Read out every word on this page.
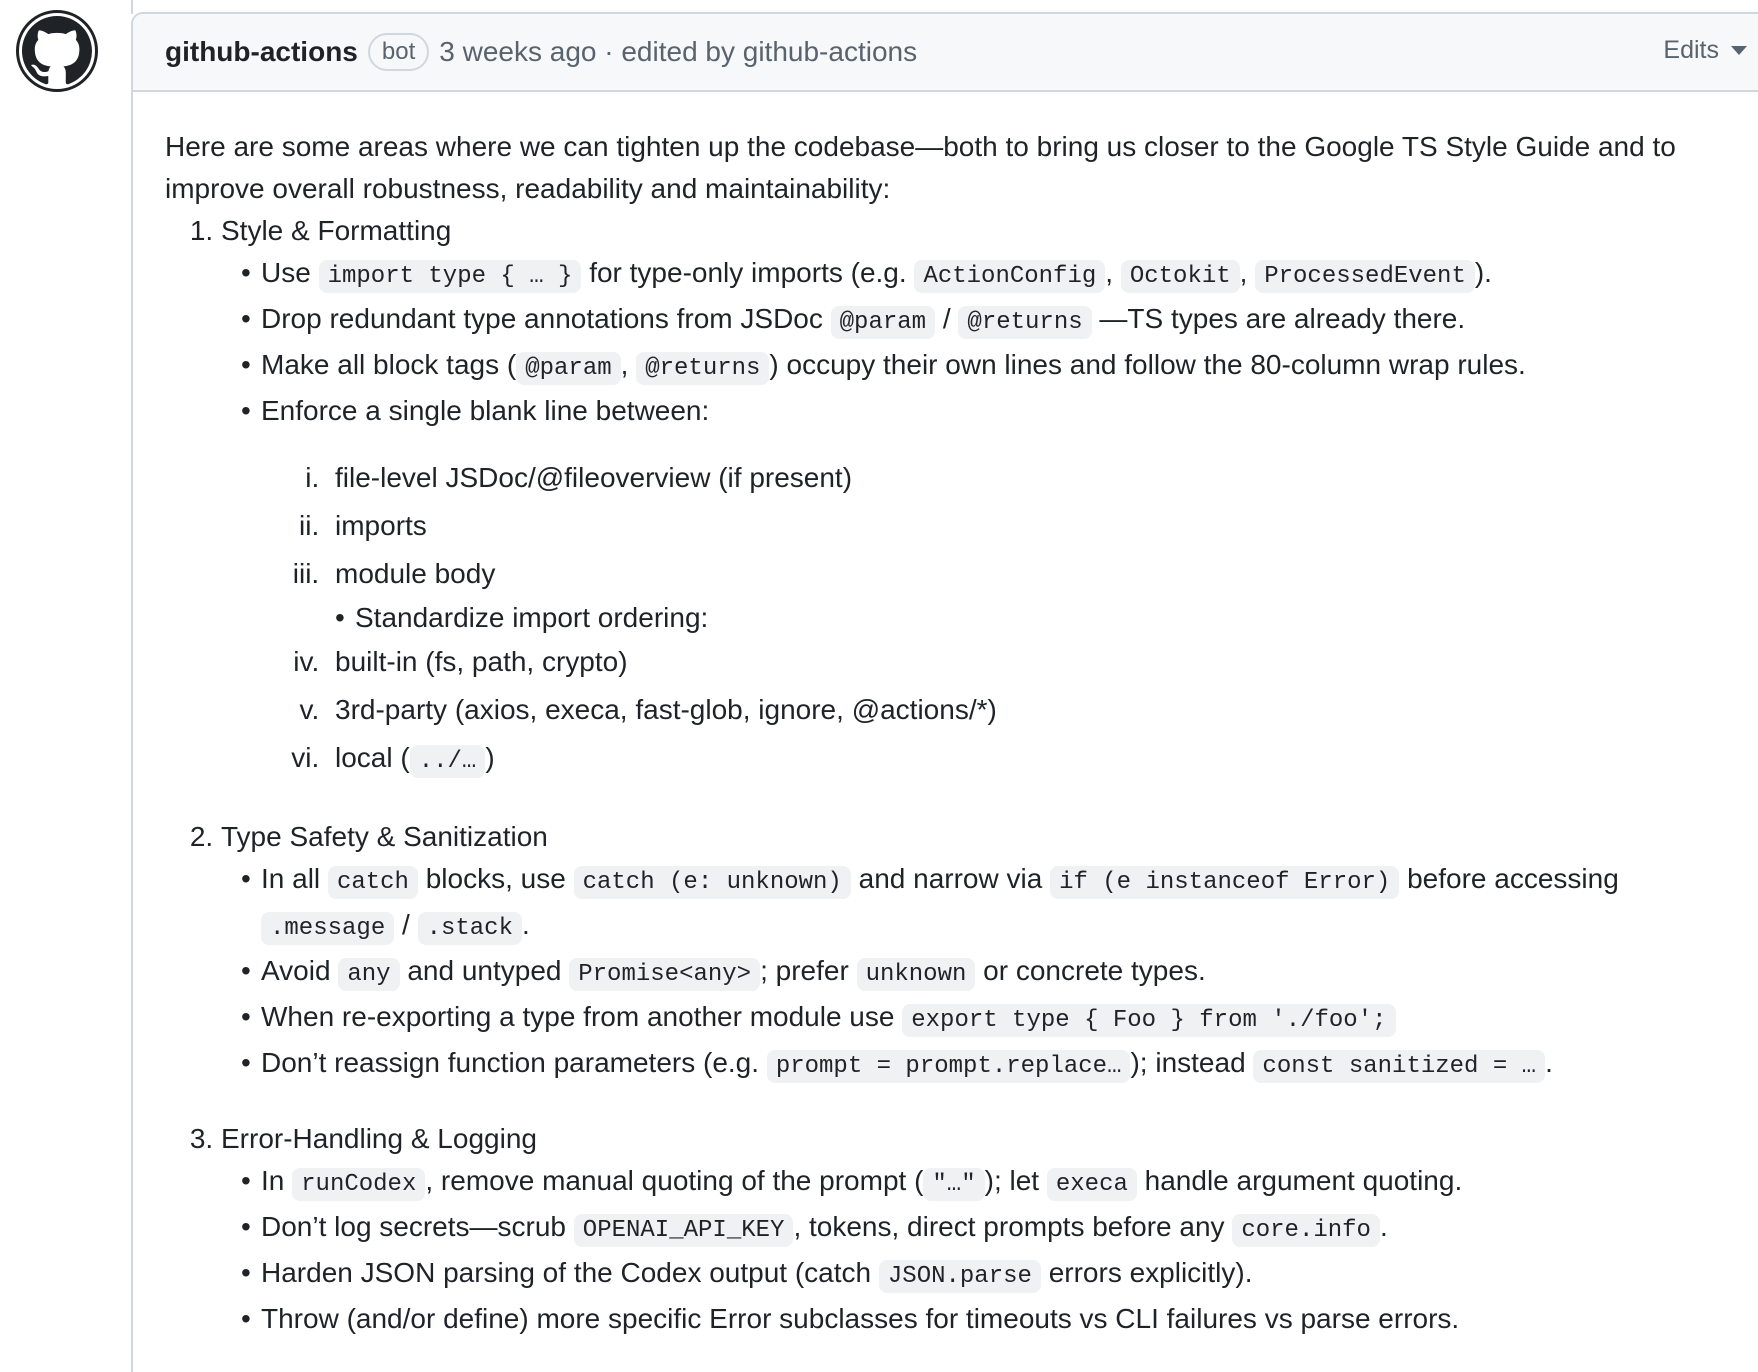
github-actions	bot 3 weeks ago · edited by github-actions	Edits

Here are some areas where we can tighten up the codebase—both to bring us closer to the Google TS Style Guide and to improve overall robustness, readability and maintainability:

1. Style & Formatting
• Use import type { … } for type-only imports (e.g. ActionConfig , Octokit , ProcessedEvent ).
• Drop redundant type annotations from JSDoc @param / @returns —TS types are already there.
• Make all block tags ( @param , @returns ) occupy their own lines and follow the 80-column wrap rules.
• Enforce a single blank line between:
i. file-level JSDoc/@fileoverview (if present)
ii. imports
iii. module body
• Standardize import ordering:
iv. built-in (fs, path, crypto)
v. 3rd-party (axios, execa, fast-glob, ignore, @actions/*)
vi. local ( ../… )
2. Type Safety & Sanitization
• In all catch blocks, use catch (e: unknown) and narrow via if (e instanceof Error) before accessing .message / .stack .
• Avoid any and untyped Promise<any> ; prefer unknown or concrete types.
• When re-exporting a type from another module use export type { Foo } from './foo';
• Don’t reassign function parameters (e.g. prompt = prompt.replace… ); instead const sanitized = … .
3. Error-Handling & Logging
• In runCodex , remove manual quoting of the prompt ( "…" ); let execa handle argument quoting.
• Don’t log secrets—scrub OPENAI_API_KEY , tokens, direct prompts before any core.info .
• Harden JSON parsing of the Codex output (catch JSON.parse errors explicitly).
• Throw (and/or define) more specific Error subclasses for timeouts vs CLI failures vs parse errors.
